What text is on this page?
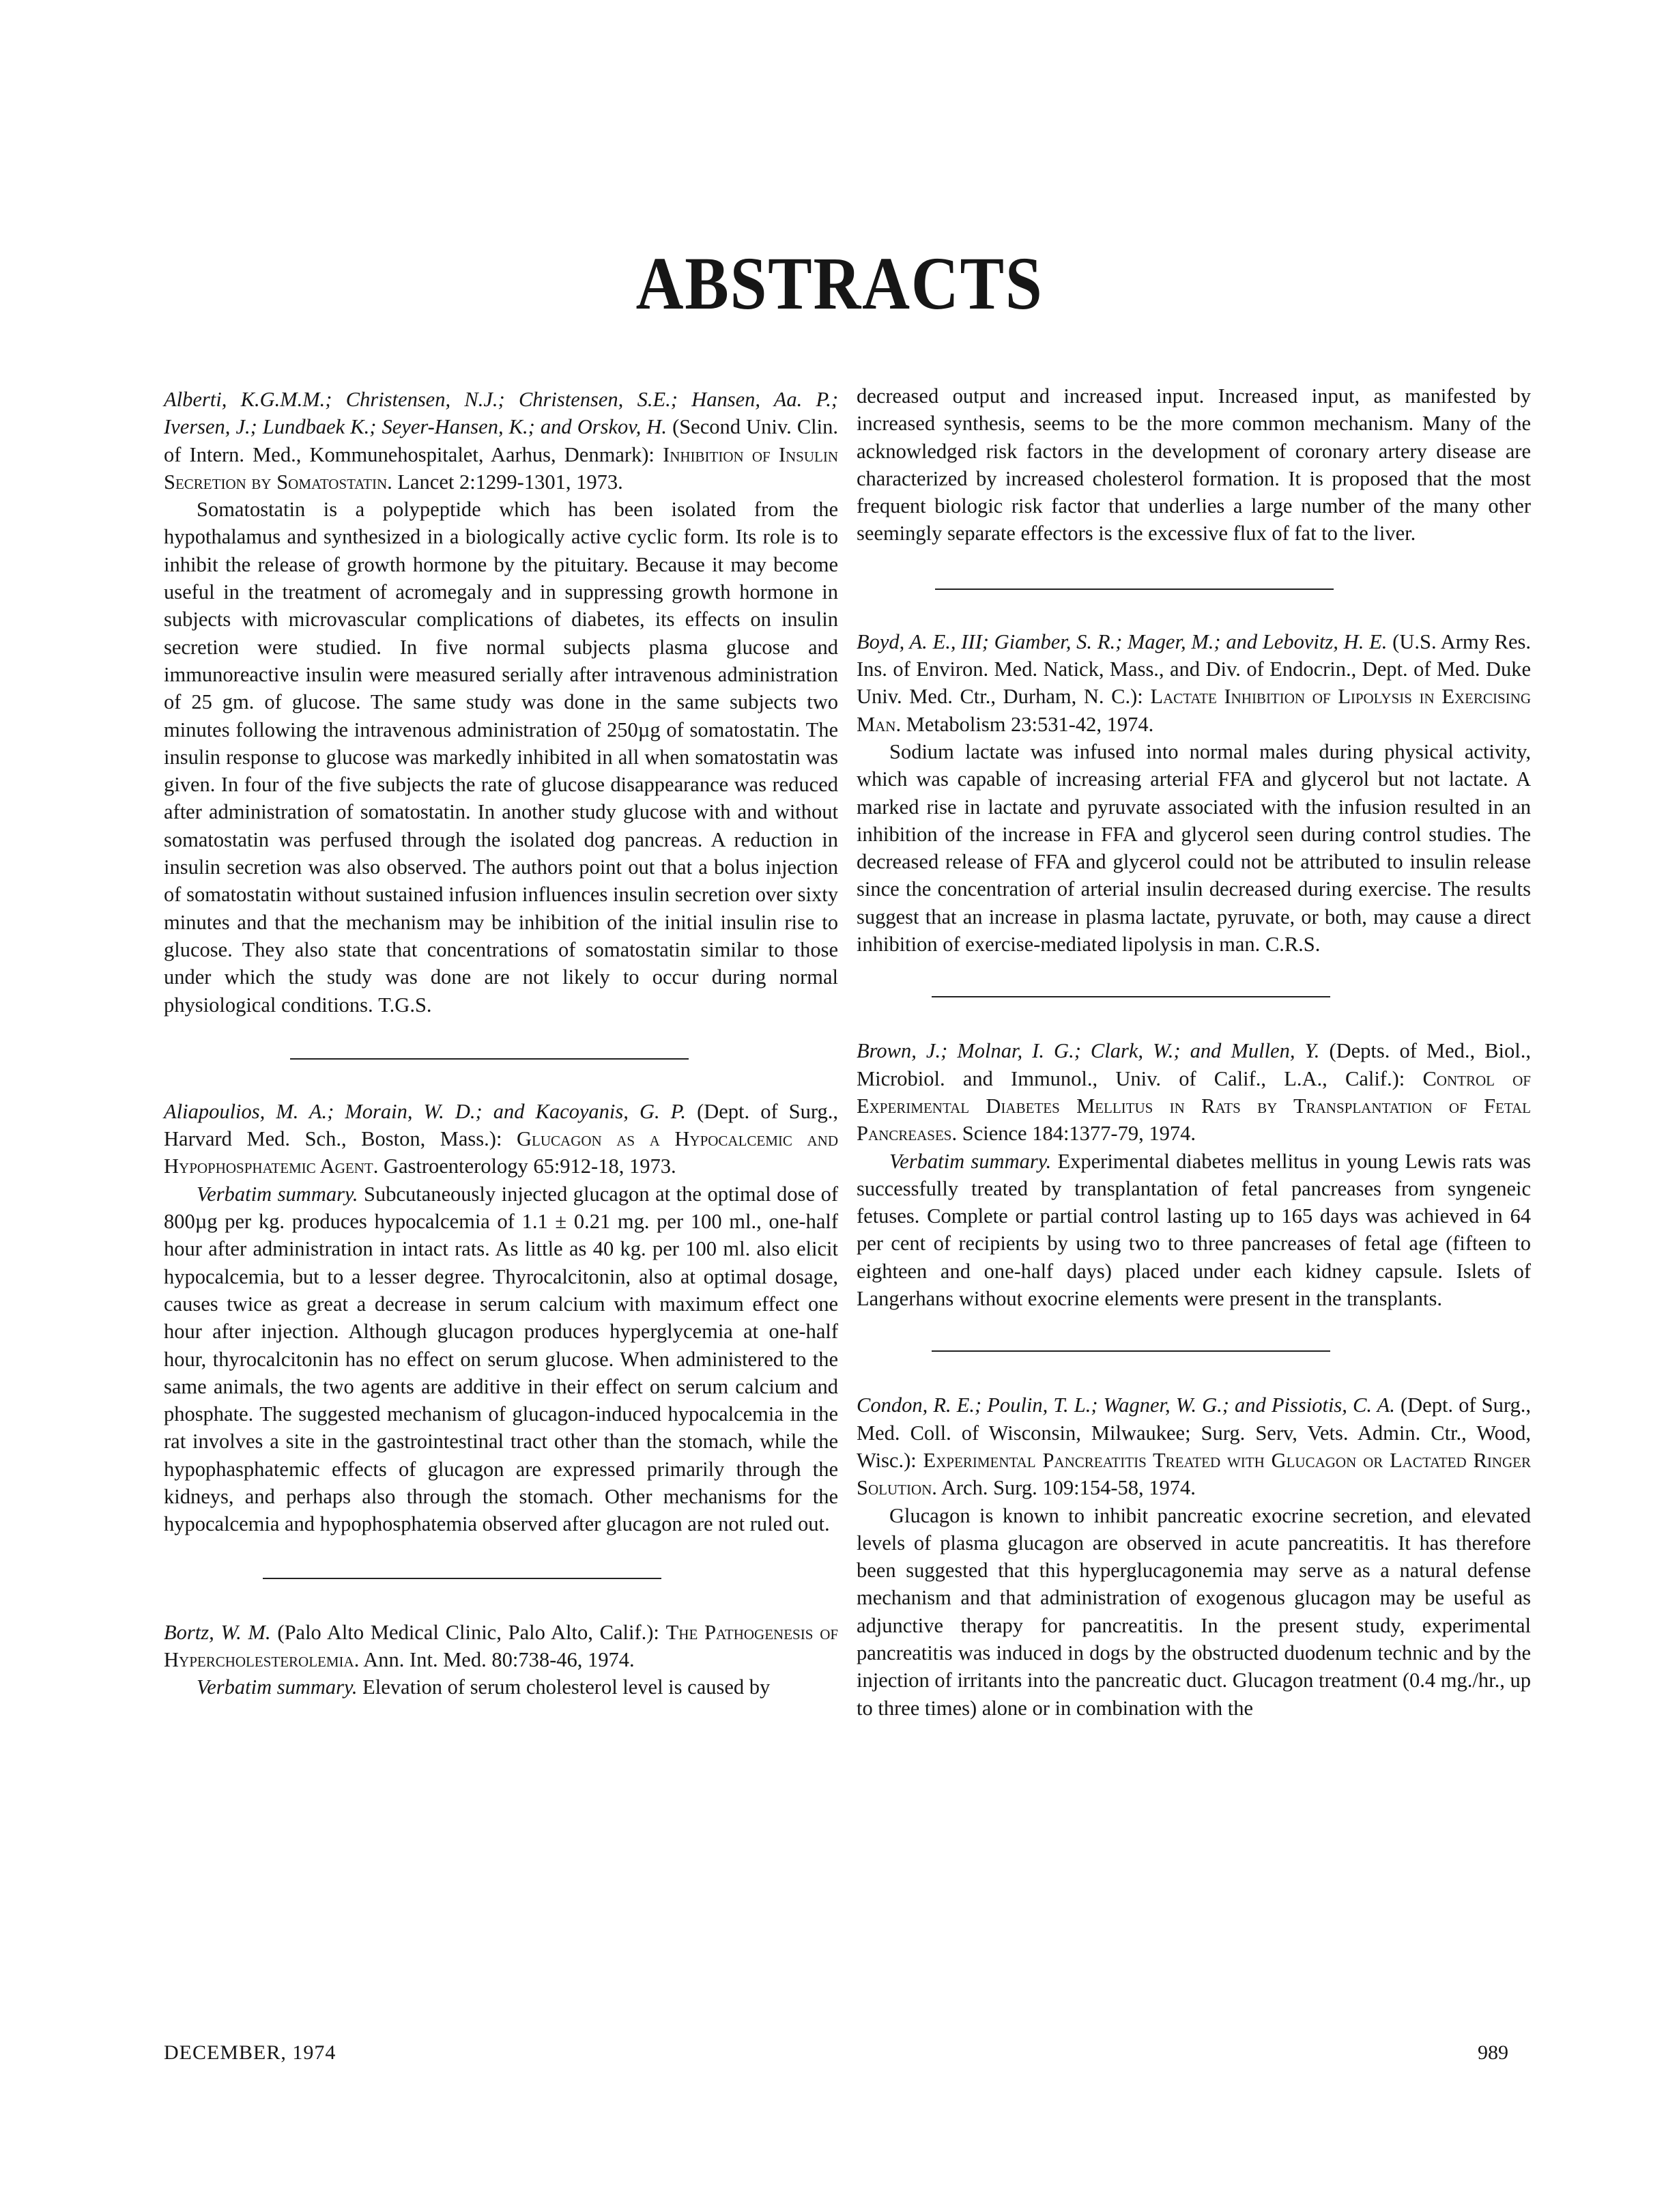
ABSTRACTS

Alberti, K.G.M.M.; Christensen, N.J.; Christensen, S.E.; Hansen, Aa. P.; Iversen, J.; Lundbaek K.; Seyer-Hansen, K.; and Orskov, H. (Second Univ. Clin. of Intern. Med., Kommunehospitalet, Aarhus, Denmark): Inhibition of Insulin Secretion by Somatostatin. Lancet 2:1299-1301, 1973.

Somatostatin is a polypeptide which has been isolated from the hypothalamus and synthesized in a biologically active cyclic form. Its role is to inhibit the release of growth hormone by the pituitary. Because it may become useful in the treatment of acromegaly and in suppressing growth hormone in subjects with microvascular complications of diabetes, its effects on insulin secretion were studied. In five normal subjects plasma glucose and immunoreactive insulin were measured serially after intravenous administration of 25 gm. of glucose. The same study was done in the same subjects two minutes following the intravenous administration of 250µg of somatostatin. The insulin response to glucose was markedly inhibited in all when somatostatin was given. In four of the five subjects the rate of glucose disappearance was reduced after administration of somatostatin. In another study glucose with and without somatostatin was perfused through the isolated dog pancreas. A reduction in insulin secretion was also observed. The authors point out that a bolus injection of somatostatin without sustained infusion influences insulin secretion over sixty minutes and that the mechanism may be inhibition of the initial insulin rise to glucose. They also state that concentrations of somatostatin similar to those under which the study was done are not likely to occur during normal physiological conditions. T.G.S.

Aliapoulios, M. A.; Morain, W. D.; and Kacoyanis, G. P. (Dept. of Surg., Harvard Med. Sch., Boston, Mass.): Glucagon as a Hypocalcemic and Hypophosphatemic Agent. Gastroenterology 65:912-18, 1973.

Verbatim summary. Subcutaneously injected glucagon at the optimal dose of 800µg per kg. produces hypocalcemia of 1.1 ± 0.21 mg. per 100 ml., one-half hour after administration in intact rats. As little as 40 kg. per 100 ml. also elicit hypocalcemia, but to a lesser degree. Thyrocalcitonin, also at optimal dosage, causes twice as great a decrease in serum calcium with maximum effect one hour after injection. Although glucagon produces hyperglycemia at one-half hour, thyrocalcitonin has no effect on serum glucose. When administered to the same animals, the two agents are additive in their effect on serum calcium and phosphate. The suggested mechanism of glucagon-induced hypocalcemia in the rat involves a site in the gastrointestinal tract other than the stomach, while the hypophasphatemic effects of glucagon are expressed primarily through the kidneys, and perhaps also through the stomach. Other mechanisms for the hypocalcemia and hypophosphatemia observed after glucagon are not ruled out.

Bortz, W. M. (Palo Alto Medical Clinic, Palo Alto, Calif.): The Pathogenesis of Hypercholesterolemia. Ann. Int. Med. 80:738-46, 1974.

Verbatim summary. Elevation of serum cholesterol level is caused by

decreased output and increased input. Increased input, as manifested by increased synthesis, seems to be the more common mechanism. Many of the acknowledged risk factors in the development of coronary artery disease are characterized by increased cholesterol formation. It is proposed that the most frequent biologic risk factor that underlies a large number of the many other seemingly separate effectors is the excessive flux of fat to the liver.

Boyd, A. E., III; Giamber, S. R.; Mager, M.; and Lebovitz, H. E. (U.S. Army Res. Ins. of Environ. Med. Natick, Mass., and Div. of Endocrin., Dept. of Med. Duke Univ. Med. Ctr., Durham, N. C.): Lactate Inhibition of Lipolysis in Exercising Man. Metabolism 23:531-42, 1974.

Sodium lactate was infused into normal males during physical activity, which was capable of increasing arterial FFA and glycerol but not lactate. A marked rise in lactate and pyruvate associated with the infusion resulted in an inhibition of the increase in FFA and glycerol seen during control studies. The decreased release of FFA and glycerol could not be attributed to insulin release since the concentration of arterial insulin decreased during exercise. The results suggest that an increase in plasma lactate, pyruvate, or both, may cause a direct inhibition of exercise-mediated lipolysis in man. C.R.S.

Brown, J.; Molnar, I. G.; Clark, W.; and Mullen, Y. (Depts. of Med., Biol., Microbiol. and Immunol., Univ. of Calif., L.A., Calif.): Control of Experimental Diabetes Mellitus in Rats by Transplantation of Fetal Pancreases. Science 184:1377-79, 1974.

Verbatim summary. Experimental diabetes mellitus in young Lewis rats was successfully treated by transplantation of fetal pancreases from syngeneic fetuses. Complete or partial control lasting up to 165 days was achieved in 64 per cent of recipients by using two to three pancreases of fetal age (fifteen to eighteen and one-half days) placed under each kidney capsule. Islets of Langerhans without exocrine elements were present in the transplants.

Condon, R. E.; Poulin, T. L.; Wagner, W. G.; and Pissiotis, C. A. (Dept. of Surg., Med. Coll. of Wisconsin, Milwaukee; Surg. Serv, Vets. Admin. Ctr., Wood, Wisc.): Experimental Pancreatitis Treated with Glucagon or Lactated Ringer Solution. Arch. Surg. 109:154-58, 1974.

Glucagon is known to inhibit pancreatic exocrine secretion, and elevated levels of plasma glucagon are observed in acute pancreatitis. It has therefore been suggested that this hyperglucagonemia may serve as a natural defense mechanism and that administration of exogenous glucagon may be useful as adjunctive therapy for pancreatitis. In the present study, experimental pancreatitis was induced in dogs by the obstructed duodenum technic and by the injection of irritants into the pancreatic duct. Glucagon treatment (0.4 mg./hr., up to three times) alone or in combination with the

DECEMBER, 1974	989
